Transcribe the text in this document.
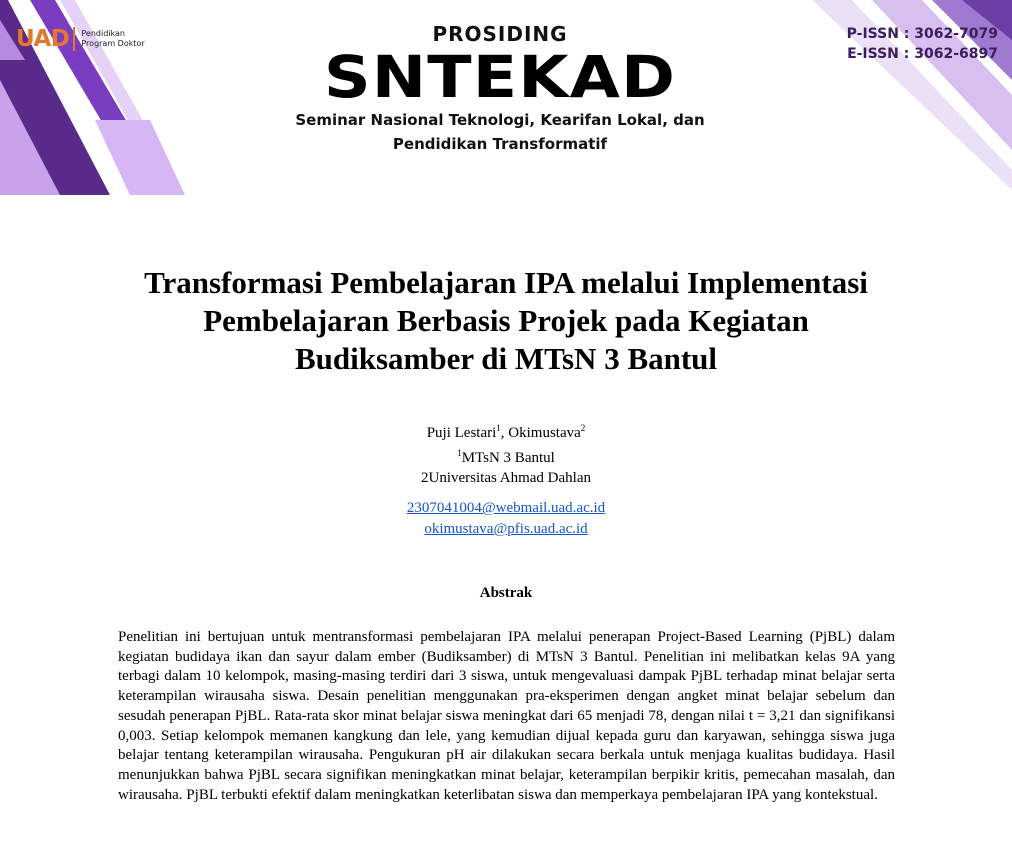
UAD Pendidikan
Program Doktor
P-ISSN : 3062-7079
E-ISSN : 3062-6897
PROSIDING
SNTEKAD
Seminar Nasional Teknologi, Kearifan Lokal, dan
Pendidikan Transformatif
Transformasi Pembelajaran IPA melalui Implementasi
Pembelajaran Berbasis Projek pada Kegiatan
Budiksamber di MTsN 3 Bantul
Puji Lestari$^1$, Okimustava$^2$
$^1$MTsN 3 Bantul
2Universitas Ahmad Dahlan
2307041004@webmail.uad.ac.id
okimustava@pfis.uad.ac.id
Abstrak

Penelitian ini bertujuan untuk mentransformasi pembelajaran IPA melalui penerapan Project-Based Learning (PjBL) dalam kegiatan budidaya ikan dan sayur dalam ember (Budiksamber) di MTsN 3 Bantul. Penelitian ini melibatkan kelas 9A yang terbagi dalam 10 kelompok, masing-masing terdiri dari 3 siswa, untuk mengevaluasi dampak PjBL terhadap minat belajar serta keterampilan wirausaha siswa. Desain penelitian menggunakan pra-eksperimen dengan angket minat belajar sebelum dan sesudah penerapan PjBL. Rata-rata skor minat belajar siswa meningkat dari 65 menjadi 78, dengan nilai t = 3,21 dan signifikansi 0,003. Setiap kelompok memanen kangkung dan lele, yang kemudian dijual kepada guru dan karyawan, sehingga siswa juga belajar tentang keterampilan wirausaha. Pengukuran pH air dilakukan secara berkala untuk menjaga kualitas budidaya. Hasil menunjukkan bahwa PjBL secara signifikan meningkatkan minat belajar, keterampilan berpikir kritis, pemecahan masalah, dan wirausaha. PjBL terbukti efektif dalam meningkatkan keterlibatan siswa dan memperkaya pembelajaran IPA yang kontekstual.
